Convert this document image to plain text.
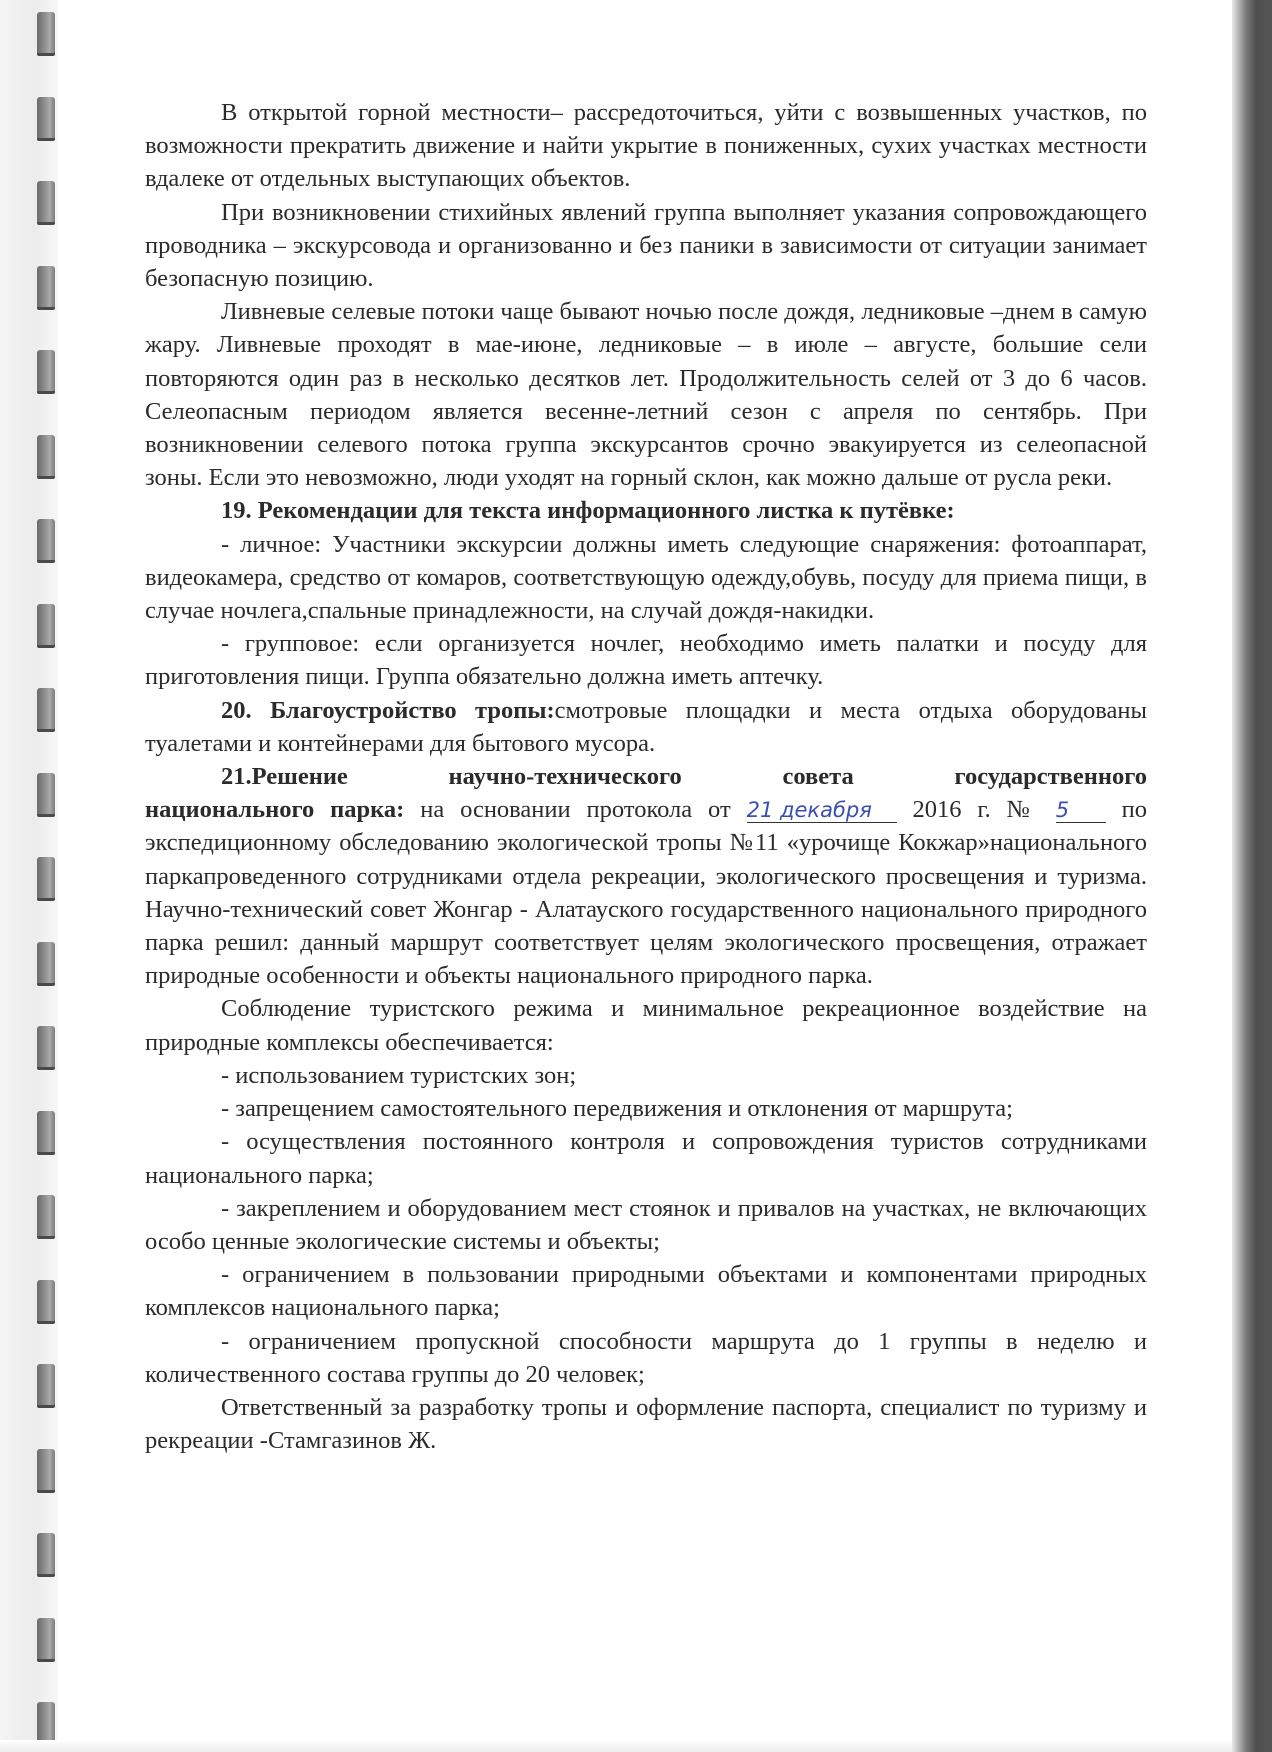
В открытой горной местности– рассредоточиться, уйти с возвышенных участков, по возможности прекратить движение и найти укрытие в пониженных, сухих участках местности вдалеке от отдельных выступающих объектов.

При возникновении стихийных явлений группа выполняет указания сопровождающего проводника – экскурсовода и организованно и без паники в зависимости от ситуации занимает безопасную позицию.

Ливневые селевые потоки чаще бывают ночью после дождя, ледниковые –днем в самую жару. Ливневые проходят в мае-июне, ледниковые – в июле – августе, большие сели повторяются один раз в несколько десятков лет. Продолжительность селей от 3 до 6 часов. Селеопасным периодом является весенне-летний сезон с апреля по сентябрь. При возникновении селевого потока группа экскурсантов срочно эвакуируется из селеопасной зоны. Если это невозможно, люди уходят на горный склон, как можно дальше от русла реки.

19. Рекомендации для текста информационного листка к путёвке:

- личное: Участники экскурсии должны иметь следующие снаряжения: фотоаппарат, видеокамера, средство от комаров, соответствующую одежду,обувь, посуду для приема пищи, в случае ночлега,спальные принадлежности, на случай дождя-накидки.

- групповое: если организуется ночлег, необходимо иметь палатки и посуду для приготовления пищи. Группа обязательно должна иметь аптечку.

20. Благоустройство тропы:смотровые площадки и места отдыха оборудованы туалетами и контейнерами для бытового мусора.

21.Решение научно-технического совета государственного

национального парка: на основании протокола от 21 декабря 2016 г. № 5 по экспедиционному обследованию экологической тропы №11 «урочище Кокжар»национального паркапроведенного сотрудниками отдела рекреации, экологического просвещения и туризма. Научно-технический совет Жонгар - Алатауского государственного национального природного парка решил: данный маршрут соответствует целям экологического просвещения, отражает природные особенности и объекты национального природного парка.

Соблюдение туристского режима и минимальное рекреационное воздействие на природные комплексы обеспечивается:

- использованием туристских зон;

- запрещением самостоятельного передвижения и отклонения от маршрута;

- осуществления постоянного контроля и сопровождения туристов сотрудниками национального парка;

- закреплением и оборудованием мест стоянок и привалов на участках, не включающих особо ценные экологические системы и объекты;

- ограничением в пользовании природными объектами и компонентами природных комплексов национального парка;

- ограничением пропускной способности маршрута до 1 группы в неделю и количественного состава группы до 20 человек;

Ответственный за разработку тропы и оформление паспорта, специалист по туризму и рекреации -Стамгазинов Ж.
